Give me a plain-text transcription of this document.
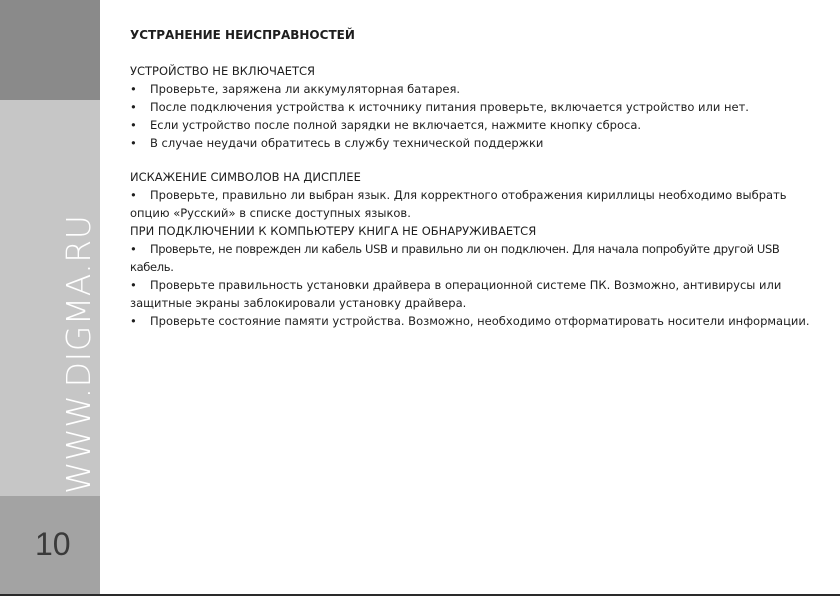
WWW.DIGMA.RU
10
УСТРАНЕНИЕ НЕИСПРАВНОСТЕЙ
УСТРОЙСТВО НЕ ВКЛЮЧАЕТСЯ
• Проверьте, заряжена ли аккумуляторная батарея.
• После подключения устройства к источнику питания проверьте, включается устройство или нет.
• Если устройство после полной зарядки не включается, нажмите кнопку сброса.
• В случае неудачи обратитесь в службу технической поддержки
ИСКАЖЕНИЕ СИМВОЛОВ НА ДИСПЛЕЕ
• Проверьте, правильно ли выбран язык. Для корректного отображения кириллицы необходимо выбрать опцию «Русский» в списке доступных языков.
ПРИ ПОДКЛЮЧЕНИИ К КОМПЬЮТЕРУ КНИГА НЕ ОБНАРУЖИВАЕТСЯ
• Проверьте, не поврежден ли кабель USB и правильно ли он подключен. Для начала попробуйте другой USB кабель.
• Проверьте правильность установки драйвера в операционной системе ПК. Возможно, антивирусы или защитные экраны заблокировали установку драйвера.
• Проверьте состояние памяти устройства. Возможно, необходимо отформатировать носители информации.
